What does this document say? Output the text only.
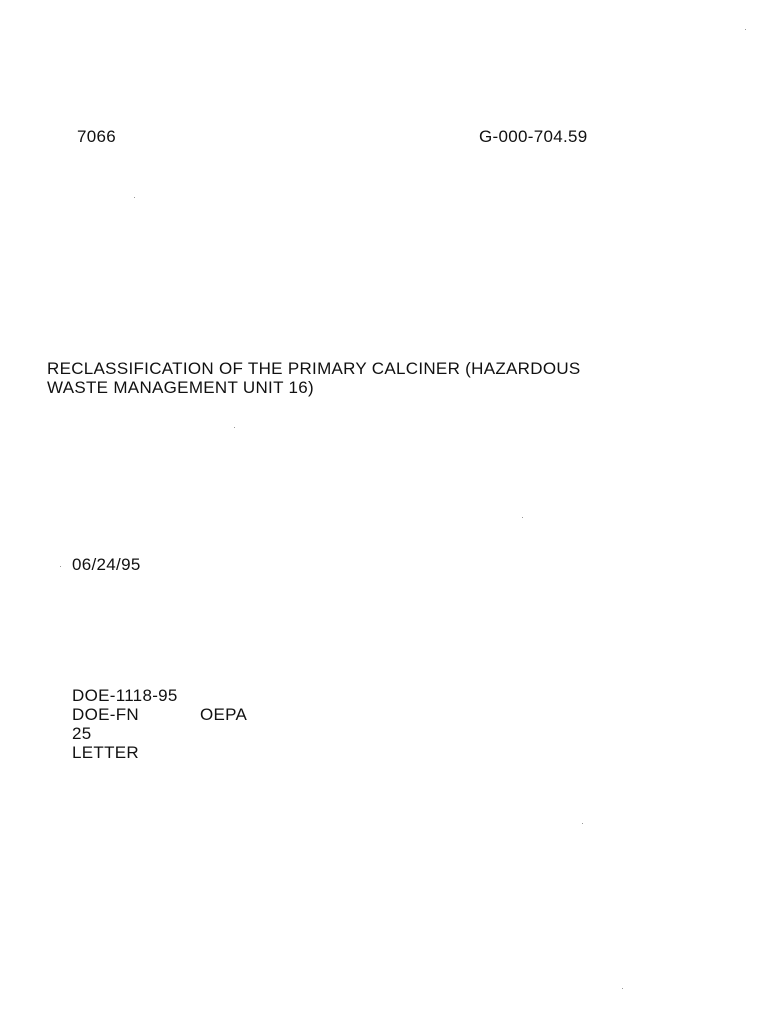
7066	G-000-704.59

RECLASSIFICATION OF THE PRIMARY CALCINER (HAZARDOUS

WASTE MANAGEMENT UNIT 16)

06/24/95

DOE-1118-95

DOE-FN	OEPA

25

LETTER
